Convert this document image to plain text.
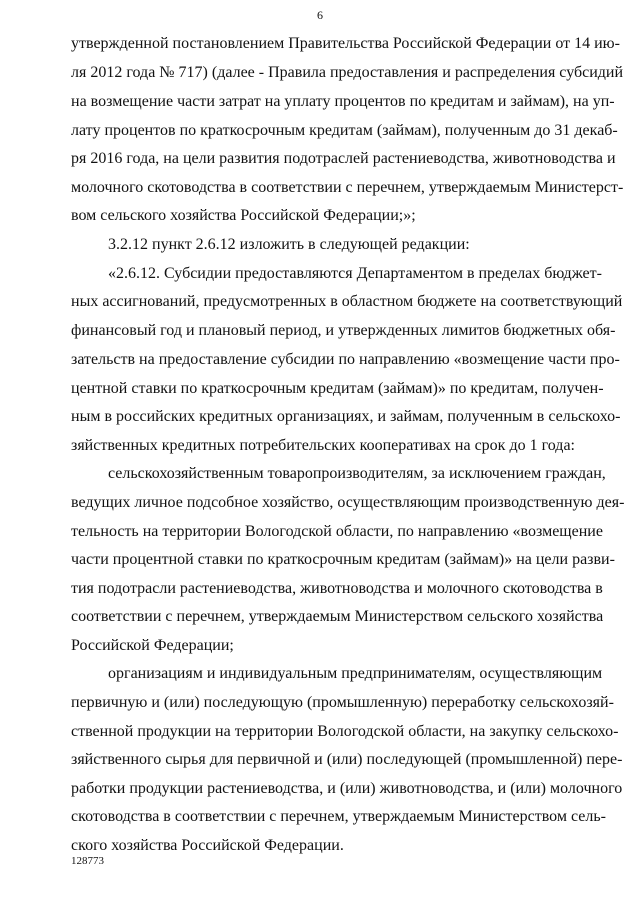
6
утвержденной постановлением Правительства Российской Федерации от 14 ию-
ля 2012 года № 717) (далее - Правила предоставления и распределения субсидий
на возмещение части затрат на уплату процентов по кредитам и займам), на уп-
лату процентов по краткосрочным кредитам (займам), полученным до 31 декаб-
ря 2016 года, на цели развития подотраслей растениеводства, животноводства и
молочного скотоводства в соответствии с перечнем, утверждаемым Министерст-
вом сельского хозяйства Российской Федерации;»;
3.2.12 пункт 2.6.12 изложить в следующей редакции:
«2.6.12. Субсидии предоставляются Департаментом в пределах бюджет-
ных ассигнований, предусмотренных в областном бюджете на соответствующий
финансовый год и плановый период, и утвержденных лимитов бюджетных обя-
зательств на предоставление субсидии по направлению «возмещение части про-
центной ставки по краткосрочным кредитам (займам)» по кредитам, получен-
ным в российских кредитных организациях, и займам, полученным в сельскохо-
зяйственных кредитных потребительских кооперативах на срок до 1 года:
сельскохозяйственным товаропроизводителям, за исключением граждан,
ведущих личное подсобное хозяйство, осуществляющим производственную дея-
тельность на территории Вологодской области, по направлению «возмещение
части процентной ставки по краткосрочным кредитам (займам)» на цели разви-
тия подотрасли растениеводства, животноводства и молочного скотоводства в
соответствии с перечнем, утверждаемым Министерством сельского хозяйства
Российской Федерации;
организациям и индивидуальным предпринимателям, осуществляющим
первичную и (или) последующую (промышленную) переработку сельскохозяй-
ственной продукции на территории Вологодской области, на закупку сельскохо-
зяйственного сырья для первичной и (или) последующей (промышленной) пере-
работки продукции растениеводства, и (или) животноводства, и (или) молочного
скотоводства в соответствии с перечнем, утверждаемым Министерством сель-
ского хозяйства Российской Федерации.
128773
